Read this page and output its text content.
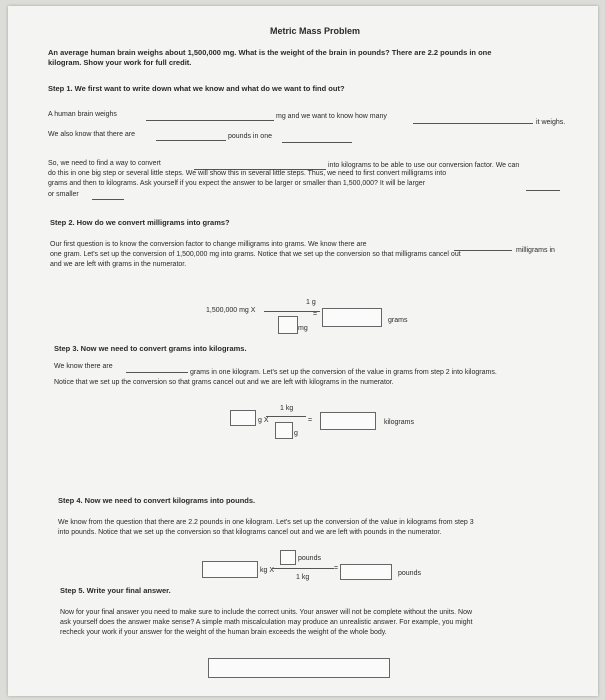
Metric Mass Problem
An average human brain weighs about 1,500,000 mg. What is the weight of the brain in pounds? There are 2.2 pounds in one
kilogram. Show your work for full credit.
Step 1. We first want to write down what we know and what do we want to find out?
A human brain weighs	mg and we want to know how many
it weighs.
We also know that there are	pounds in one
So, we need to find a way to convert	into kilograms to be able to use our conversion factor. We can
do this in one big step or several little steps. We will show this in several little steps. Thus, we need to first convert milligrams into
grams and then to kilograms. Ask yourself if you expect the answer to be larger or smaller than 1,500,000? It will be larger
or smaller
Step 2. How do we convert milligrams into grams?
Our first question is to know the conversion factor to change milligrams into grams. We know there are
milligrams in
one gram. Let's set up the conversion of 1,500,000 mg into grams. Notice that we set up the conversion so that milligrams cancel out
and we are left with grams in the numerator.
1,500,000 mg X
1 g
mg
=
grams
Step 3. Now we need to convert grams into kilograms.
We know there are
grams in one kilogram. Let's set up the conversion of the value in grams from step 2 into kilograms.
Notice that we set up the conversion so that grams cancel out and we are left with kilograms in the numerator.
g X
1 kg
g
=	kilograms
Step 4. Now we need to convert kilograms into pounds.
We know from the question that there are 2.2 pounds in one kilogram. Let's set up the conversion of the value in kilograms from step 3
into pounds. Notice that we set up the conversion so that kilograms cancel out and we are left with pounds in the numerator.
kg X
pounds
1 kg
=
pounds
Step 5. Write your final answer.
Now for your final answer you need to make sure to include the correct units. Your answer will not be complete without the units. Now
ask yourself does the answer make sense? A simple math miscalculation may produce an unrealistic answer. For example, you might
recheck your work if your answer for the weight of the human brain exceeds the weight of the whole body.
